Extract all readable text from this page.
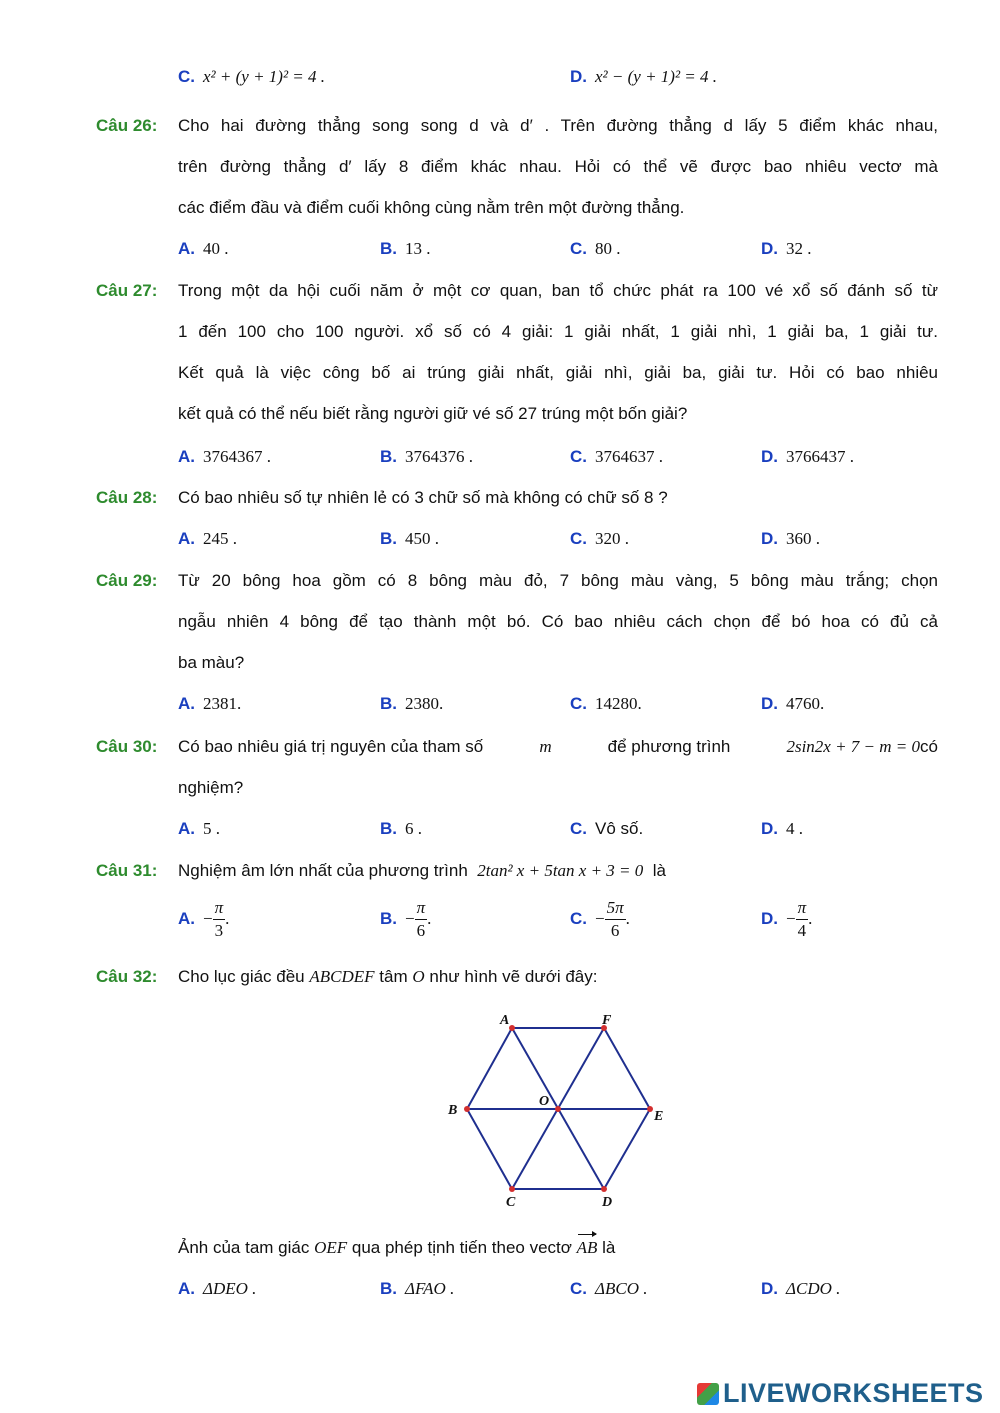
C. x² + (y + 1)² = 4 .	D. x² − (y + 1)² = 4 .
Câu 26: Cho hai đường thẳng song song d và d′ . Trên đường thẳng d lấy 5 điểm khác nhau,
trên đường thẳng d′ lấy 8 điểm khác nhau. Hỏi có thể vẽ được bao nhiêu vectơ mà
các điểm đầu và điểm cuối không cùng nằm trên một đường thẳng.
A. 40 .	B. 13 .	C. 80 .	D. 32 .
Câu 27: Trong một da hội cuối năm ở một cơ quan, ban tổ chức phát ra 100 vé xổ số đánh số từ
1 đến 100 cho 100 người. xổ số có 4 giải: 1 giải nhất, 1 giải nhì, 1 giải ba, 1 giải tư.
Kết quả là việc công bố ai trúng giải nhất, giải nhì, giải ba, giải tư. Hỏi có bao nhiêu
kết quả có thể nếu biết rằng người giữ vé số 27 trúng một bốn giải?
A. 3764367 .	B. 3764376 .	C. 3764637 .	D. 3766437 .
Câu 28: Có bao nhiêu số tự nhiên lẻ có 3 chữ số mà không có chữ số 8 ?
A. 245 .	B. 450 .	C. 320 .	D. 360 .
Câu 29: Từ 20 bông hoa gồm có 8 bông màu đỏ, 7 bông màu vàng, 5 bông màu trắng; chọn
ngẫu nhiên 4 bông để tạo thành một bó. Có bao nhiêu cách chọn để bó hoa có đủ cả
ba màu?
A. 2381.	B. 2380.	C. 14280.	D. 4760.
Câu 30: Có bao nhiêu giá trị nguyên của tham số	m	để phương trình	2sin2x + 7 − m = 0có
nghiệm?
A. 5 .	B. 6 .	C. Vô số.	D. 4 .
Câu 31: Nghiệm âm lớn nhất của phương trình 2tan² x + 5tan x + 3 = 0 là
A. − $\frac{\pi}{3}$ .	B. − $\frac{\pi}{6}$ .	C. − $\frac{5\pi}{6}$ .	D. − $\frac{\pi}{4}$ .
Câu 32: Cho lục giác đều ABCDEF tâm O như hình vẽ dưới đây:
A	F
B
O
E
C	D
Ảnh của tam giác OEF qua phép tịnh tiến theo vectơ AB là
A. ΔDEO .	B. ΔFAO .	C. ΔBCO .	D. ΔCDO .
LIVEWORKSHEETS
